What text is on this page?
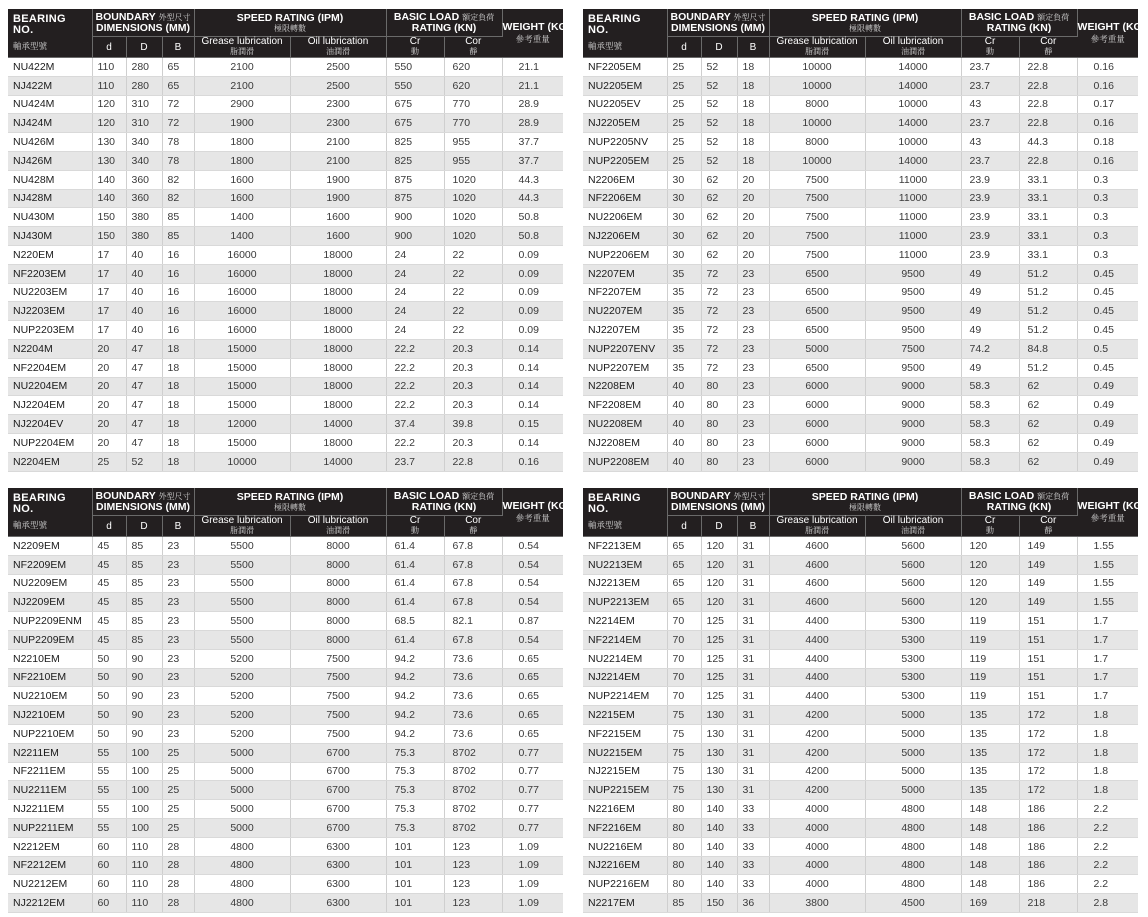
BEARING
NO.
軸承型號	BOUNDARY 外型尺寸
DIMENSIONS (MM)			SPEED RATING (IPM)
極限轉數		BASIC LOAD 額定負荷
RATING (KN)		WEIGHT (KG)
參考重量

	d	D	B	Grease lubrication
脂潤滑	Oil lubrication
油潤滑	Cr
動	Cor
靜	
NU422M	110	280	65	2100	2500	550	620	21.1
NJ422M	110	280	65	2100	2500	550	620	21.1
NU424M	120	310	72	2900	2300	675	770	28.9
NJ424M	120	310	72	1900	2300	675	770	28.9
NU426M	130	340	78	1800	2100	825	955	37.7
NJ426M	130	340	78	1800	2100	825	955	37.7
NU428M	140	360	82	1600	1900	875	1020	44.3
NJ428M	140	360	82	1600	1900	875	1020	44.3
NU430M	150	380	85	1400	1600	900	1020	50.8
NJ430M	150	380	85	1400	1600	900	1020	50.8
N220EM	17	40	16	16000	18000	24	22	0.09
NF2203EM	17	40	16	16000	18000	24	22	0.09
NU2203EM	17	40	16	16000	18000	24	22	0.09
NJ2203EM	17	40	16	16000	18000	24	22	0.09
NUP2203EM	17	40	16	16000	18000	24	22	0.09
N2204M	20	47	18	15000	18000	22.2	20.3	0.14
NF2204EM	20	47	18	15000	18000	22.2	20.3	0.14
NU2204EM	20	47	18	15000	18000	22.2	20.3	0.14
NJ2204EM	20	47	18	15000	18000	22.2	20.3	0.14
NJ2204EV	20	47	18	12000	14000	37.4	39.8	0.15
NUP2204EM	20	47	18	15000	18000	22.2	20.3	0.14
N2204EM	25	52	18	10000	14000	23.7	22.8	0.16
BEARING
NO.
軸承型號	BOUNDARY 外型尺寸
DIMENSIONS (MM)			SPEED RATING (IPM)
極限轉數		BASIC LOAD 額定負荷
RATING (KN)		WEIGHT (KG)
參考重量

	d	D	B	Grease lubrication
脂潤滑	Oil lubrication
油潤滑	Cr
動	Cor
靜	
NF2205EM	25	52	18	10000	14000	23.7	22.8	0.16
NU2205EM	25	52	18	10000	14000	23.7	22.8	0.16
NU2205EV	25	52	18	8000	10000	43	22.8	0.17
NJ2205EM	25	52	18	10000	14000	23.7	22.8	0.16
NUP2205NV	25	52	18	8000	10000	43	44.3	0.18
NUP2205EM	25	52	18	10000	14000	23.7	22.8	0.16
N2206EM	30	62	20	7500	11000	23.9	33.1	0.3
NF2206EM	30	62	20	7500	11000	23.9	33.1	0.3
NU2206EM	30	62	20	7500	11000	23.9	33.1	0.3
NJ2206EM	30	62	20	7500	11000	23.9	33.1	0.3
NUP2206EM	30	62	20	7500	11000	23.9	33.1	0.3
N2207EM	35	72	23	6500	9500	49	51.2	0.45
NF2207EM	35	72	23	6500	9500	49	51.2	0.45
NU2207EM	35	72	23	6500	9500	49	51.2	0.45
NJ2207EM	35	72	23	6500	9500	49	51.2	0.45
NUP2207ENV	35	72	23	5000	7500	74.2	84.8	0.5
NUP2207EM	35	72	23	6500	9500	49	51.2	0.45
N2208EM	40	80	23	6000	9000	58.3	62	0.49
NF2208EM	40	80	23	6000	9000	58.3	62	0.49
NU2208EM	40	80	23	6000	9000	58.3	62	0.49
NJ2208EM	40	80	23	6000	9000	58.3	62	0.49
NUP2208EM	40	80	23	6000	9000	58.3	62	0.49
BEARING
NO.
軸承型號	BOUNDARY 外型尺寸
DIMENSIONS (MM)			SPEED RATING (IPM)
極限轉數		BASIC LOAD 額定負荷
RATING (KN)		WEIGHT (KG)
參考重量

	d	D	B	Grease lubrication
脂潤滑	Oil lubrication
油潤滑	Cr
動	Cor
靜	
N2209EM	45	85	23	5500	8000	61.4	67.8	0.54
NF2209EM	45	85	23	5500	8000	61.4	67.8	0.54
NU2209EM	45	85	23	5500	8000	61.4	67.8	0.54
NJ2209EM	45	85	23	5500	8000	61.4	67.8	0.54
NUP2209ENM	45	85	23	5500	8000	68.5	82.1	0.87
NUP2209EM	45	85	23	5500	8000	61.4	67.8	0.54
N2210EM	50	90	23	5200	7500	94.2	73.6	0.65
NF2210EM	50	90	23	5200	7500	94.2	73.6	0.65
NU2210EM	50	90	23	5200	7500	94.2	73.6	0.65
NJ2210EM	50	90	23	5200	7500	94.2	73.6	0.65
NUP2210EM	50	90	23	5200	7500	94.2	73.6	0.65
N2211EM	55	100	25	5000	6700	75.3	8702	0.77
NF2211EM	55	100	25	5000	6700	75.3	8702	0.77
NU2211EM	55	100	25	5000	6700	75.3	8702	0.77
NJ2211EM	55	100	25	5000	6700	75.3	8702	0.77
NUP2211EM	55	100	25	5000	6700	75.3	8702	0.77
N2212EM	60	110	28	4800	6300	101	123	1.09
NF2212EM	60	110	28	4800	6300	101	123	1.09
NU2212EM	60	110	28	4800	6300	101	123	1.09
NJ2212EM	60	110	28	4800	6300	101	123	1.09
BEARING
NO.
軸承型號	BOUNDARY 外型尺寸
DIMENSIONS (MM)			SPEED RATING (IPM)
極限轉數		BASIC LOAD 額定負荷
RATING (KN)		WEIGHT (KG)
參考重量

	d	D	B	Grease lubrication
脂潤滑	Oil lubrication
油潤滑	Cr
動	Cor
靜	
NF2213EM	65	120	31	4600	5600	120	149	1.55
NU2213EM	65	120	31	4600	5600	120	149	1.55
NJ2213EM	65	120	31	4600	5600	120	149	1.55
NUP2213EM	65	120	31	4600	5600	120	149	1.55
N2214EM	70	125	31	4400	5300	119	151	1.7
NF2214EM	70	125	31	4400	5300	119	151	1.7
NU2214EM	70	125	31	4400	5300	119	151	1.7
NJ2214EM	70	125	31	4400	5300	119	151	1.7
NUP2214EM	70	125	31	4400	5300	119	151	1.7
N2215EM	75	130	31	4200	5000	135	172	1.8
NF2215EM	75	130	31	4200	5000	135	172	1.8
NU2215EM	75	130	31	4200	5000	135	172	1.8
NJ2215EM	75	130	31	4200	5000	135	172	1.8
NUP2215EM	75	130	31	4200	5000	135	172	1.8
N2216EM	80	140	33	4000	4800	148	186	2.2
NF2216EM	80	140	33	4000	4800	148	186	2.2
NU2216EM	80	140	33	4000	4800	148	186	2.2
NJ2216EM	80	140	33	4000	4800	148	186	2.2
NUP2216EM	80	140	33	4000	4800	148	186	2.2
N2217EM	85	150	36	3800	4500	169	218	2.8
